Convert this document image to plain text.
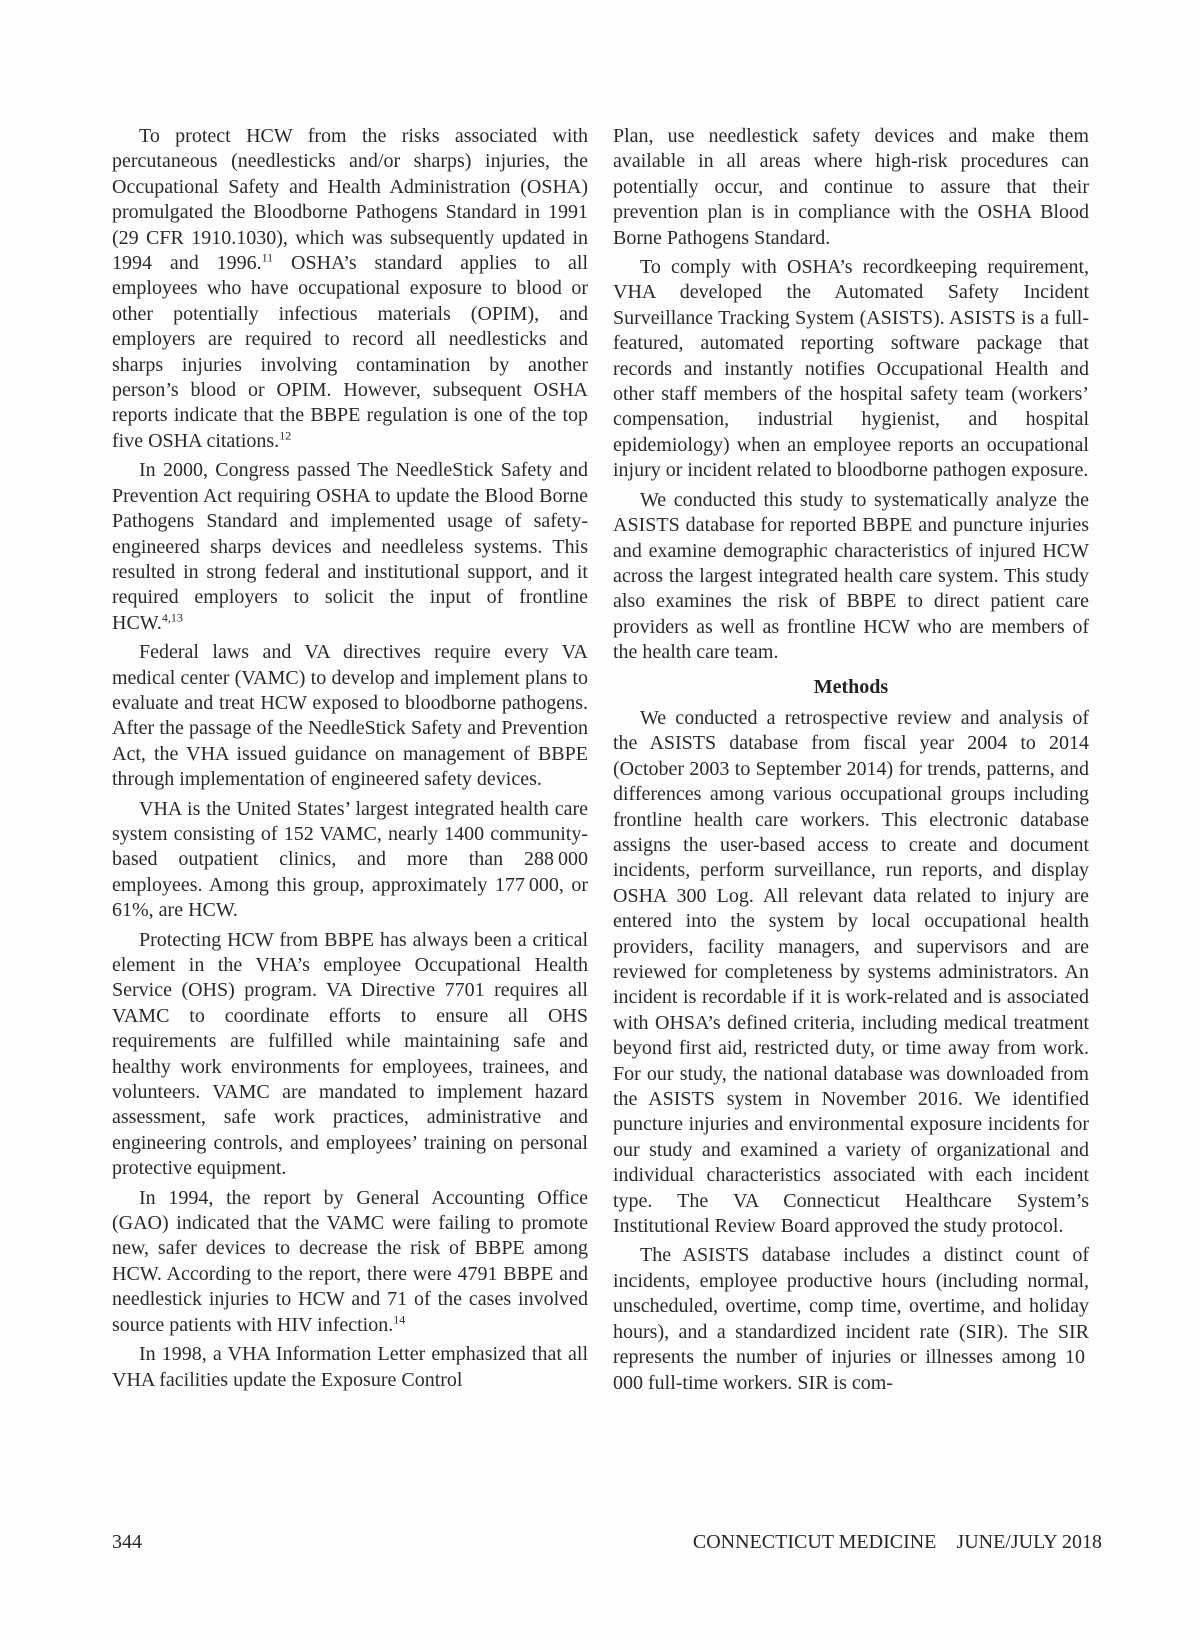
To protect HCW from the risks associated with percutaneous (needlesticks and/or sharps) injuries, the Occupational Safety and Health Administration (OSHA) promulgated the Bloodborne Pathogens Standard in 1991 (29 CFR 1910.1030), which was subsequently updated in 1994 and 1996.11 OSHA’s standard applies to all employees who have occupational exposure to blood or other potentially infectious materials (OPIM), and employers are required to record all needlesticks and sharps injuries involving contamination by another person’s blood or OPIM. However, subsequent OSHA reports indicate that the BBPE regulation is one of the top five OSHA citations.$^{12}$

In 2000, Congress passed The NeedleStick Safety and Prevention Act requiring OSHA to update the Blood Borne Pathogens Standard and implemented usage of safety-engineered sharps devices and needleless systems. This resulted in strong federal and institutional support, and it required employers to solicit the input of frontline HCW.$^{4,13}$

Federal laws and VA directives require every VA medical center (VAMC) to develop and implement plans to evaluate and treat HCW exposed to bloodborne pathogens. After the passage of the NeedleStick Safety and Prevention Act, the VHA issued guidance on management of BBPE through implementation of engineered safety devices.

VHA is the United States’ largest integrated health care system consisting of 152 VAMC, nearly 1400 community-based outpatient clinics, and more than 288 000 employees. Among this group, approximately 177 000, or 61%, are HCW.

Protecting HCW from BBPE has always been a critical element in the VHA’s employee Occupational Health Service (OHS) program. VA Directive 7701 requires all VAMC to coordinate efforts to ensure all OHS requirements are fulfilled while maintaining safe and healthy work environments for employees, trainees, and volunteers. VAMC are mandated to implement hazard assessment, safe work practices, administrative and engineering controls, and employees’ training on personal protective equipment.

In 1994, the report by General Accounting Office (GAO) indicated that the VAMC were failing to promote new, safer devices to decrease the risk of BBPE among HCW. According to the report, there were 4791 BBPE and needlestick injuries to HCW and 71 of the cases involved source patients with HIV infection.$^{14}$

In 1998, a VHA Information Letter emphasized that all VHA facilities update the Exposure Control

Plan, use needlestick safety devices and make them available in all areas where high-risk procedures can potentially occur, and continue to assure that their prevention plan is in compliance with the OSHA Blood Borne Pathogens Standard.

To comply with OSHA’s recordkeeping requirement, VHA developed the Automated Safety Incident Surveillance Tracking System (ASISTS). ASISTS is a full-featured, automated reporting software package that records and instantly notifies Occupational Health and other staff members of the hospital safety team (workers’ compensation, industrial hygienist, and hospital epidemiology) when an employee reports an occupational injury or incident related to bloodborne pathogen exposure.

We conducted this study to systematically analyze the ASISTS database for reported BBPE and puncture injuries and examine demographic characteristics of injured HCW across the largest integrated health care system. This study also examines the risk of BBPE to direct patient care providers as well as frontline HCW who are members of the health care team.

Methods

We conducted a retrospective review and analysis of the ASISTS database from fiscal year 2004 to 2014 (October 2003 to September 2014) for trends, patterns, and differences among various occupational groups including frontline health care workers. This electronic database assigns the user-based access to create and document incidents, perform surveillance, run reports, and display OSHA 300 Log. All relevant data related to injury are entered into the system by local occupational health providers, facility managers, and supervisors and are reviewed for completeness by systems administrators. An incident is recordable if it is work-related and is associated with OHSA’s defined criteria, including medical treatment beyond first aid, restricted duty, or time away from work. For our study, the national database was downloaded from the ASISTS system in November 2016. We identified puncture injuries and environmental exposure incidents for our study and examined a variety of organizational and individual characteristics associated with each incident type. The VA Connecticut Healthcare System’s Institutional Review Board approved the study protocol.

The ASISTS database includes a distinct count of incidents, employee productive hours (including normal, unscheduled, overtime, comp time, overtime, and holiday hours), and a standardized incident rate (SIR). The SIR represents the number of injuries or illnesses among 10 000 full-time workers. SIR is com-

344	CONNECTICUT MEDICINE JUNE/JULY 2018
